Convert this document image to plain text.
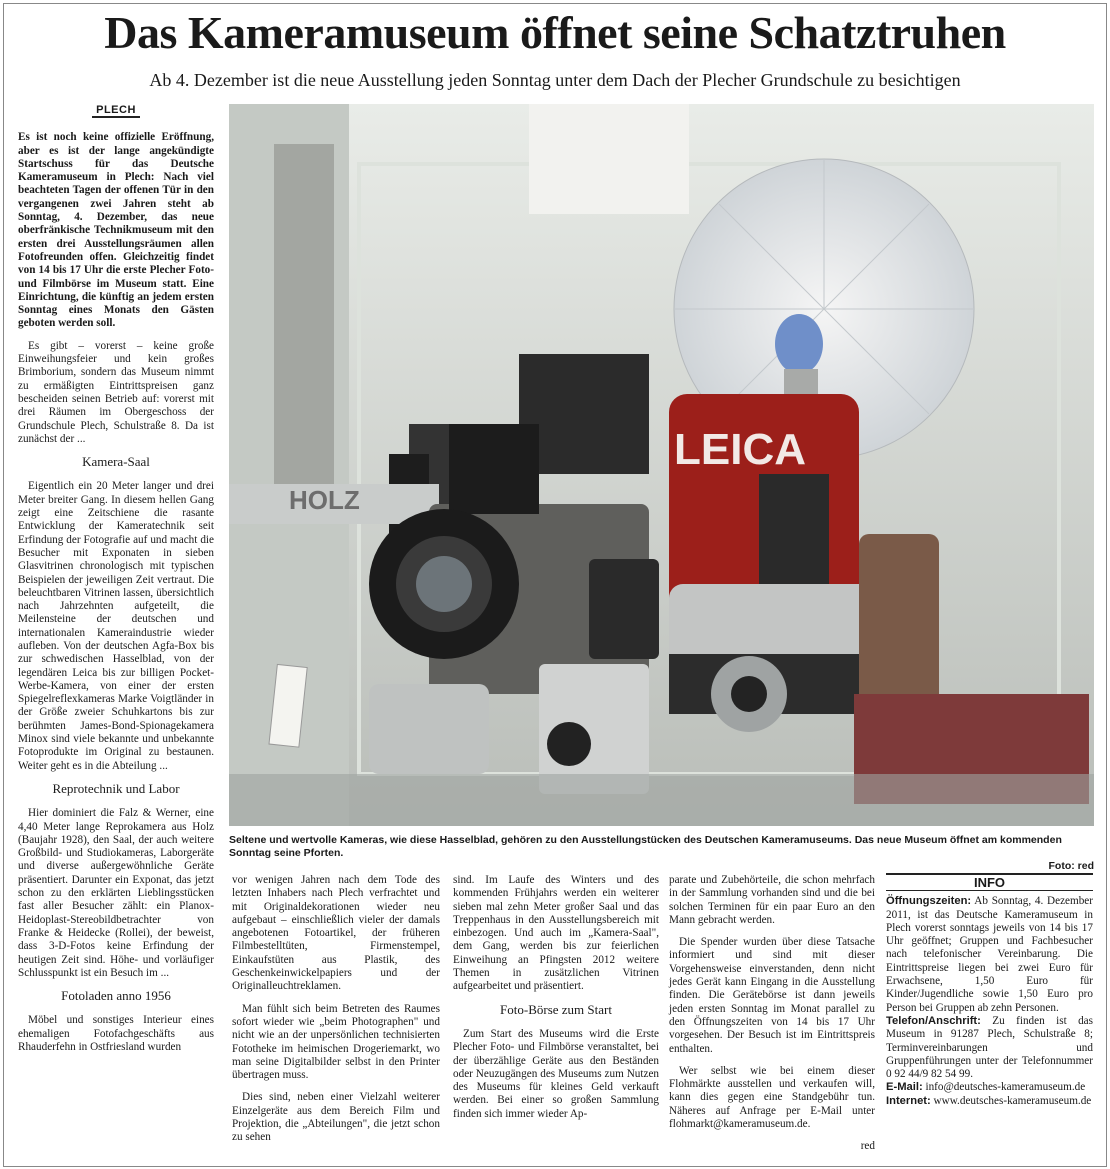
Das Kameramuseum öffnet seine Schatztruhen
Ab 4. Dezember ist die neue Ausstellung jeden Sonntag unter dem Dach der Plecher Grundschule zu besichtigen
PLECH

Es ist noch keine offizielle Eröffnung, aber es ist der lange angekündigte Startschuss für das Deutsche Kameramuseum in Plech: Nach viel beachteten Tagen der offenen Tür in den vergangenen zwei Jahren steht ab Sonntag, 4. Dezember, das neue oberfränkische Technikmuseum mit den ersten drei Ausstellungsräumen allen Fotofreunden offen. Gleichzeitig findet von 14 bis 17 Uhr die erste Plecher Foto- und Filmbörse im Museum statt. Eine Einrichtung, die künftig an jedem ersten Sonntag eines Monats den Gästen geboten werden soll.

Es gibt – vorerst – keine große Einweihungsfeier und kein großes Brimborium, sondern das Museum nimmt zu ermäßigten Eintrittspreisen ganz bescheiden seinen Betrieb auf: vorerst mit drei Räumen im Obergeschoss der Grundschule Plech, Schulstraße 8. Da ist zunächst der ...

Kamera-Saal

Eigentlich ein 20 Meter langer und drei Meter breiter Gang. In diesem hellen Gang zeigt eine Zeitschiene die rasante Entwicklung der Kameratechnik seit Erfindung der Fotografie auf und macht die Besucher mit Exponaten in sieben Glasvitrinen chronologisch mit typischen Beispielen der jeweiligen Zeit vertraut. Die beleuchtbaren Vitrinen lassen, übersichtlich nach Jahrzehnten aufgeteilt, die Meilensteine der deutschen und internationalen Kameraindustrie wieder aufleben. Von der deutschen Agfa-Box bis zur schwedischen Hasselblad, von der legendären Leica bis zur billigen Pocket-Werbe-Kamera, von einer der ersten Spiegelreflexkameras Marke Voigtländer in der Größe zweier Schuhkartons bis zur berühmten James-Bond-Spionagekamera Minox sind viele bekannte und unbekannte Fotoprodukte im Original zu bestaunen. Weiter geht es in die Abteilung ...

Reprotechnik und Labor

Hier dominiert die Falz & Werner, eine 4,40 Meter lange Reprokamera aus Holz (Baujahr 1928), den Saal, der auch weitere Großbild- und Studiokameras, Laborgeräte und diverse außergewöhnliche Geräte präsentiert. Darunter ein Exponat, das jetzt schon zu den erklärten Lieblingsstücken fast aller Besucher zählt: ein Planox-Heidoplast-Stereobildbetrachter von Franke & Heidecke (Rollei), der beweist, dass 3-D-Fotos keine Erfindung der heutigen Zeit sind. Höhe- und vorläufiger Schlusspunkt ist ein Besuch im ...

Fotoladen anno 1956

Möbel und sonstiges Interieur eines ehemaligen Fotofachgeschäfts aus Rhauderfehn in Ostfriesland wurden

LEICA
HOLZ
Seltene und wertvolle Kameras, wie diese Hasselblad, gehören zu den Ausstellungstücken des Deutschen Kameramuseums. Das neue Museum öffnet am kommenden Sonntag seine Pforten.
Foto: red

vor wenigen Jahren nach dem Tode des letzten Inhabers nach Plech verfrachtet und mit Originaldekorationen wieder neu aufgebaut – einschließlich vieler der damals angebotenen Fotoartikel, der früheren Filmbestelltüten, Firmenstempel, Einkaufstüten aus Plastik, des Geschenkeinwickelpapiers und der Originalleuchtreklamen.

Man fühlt sich beim Betreten des Raumes sofort wieder wie „beim Photographen" und nicht wie an der unpersönlichen technisierten Fototheke im heimischen Drogeriemarkt, wo man seine Digitalbilder selbst in den Printer übertragen muss.

Dies sind, neben einer Vielzahl weiterer Einzelgeräte aus dem Bereich Film und Projektion, die „Abteilungen", die jetzt schon zu sehen

sind. Im Laufe des Winters und des kommenden Frühjahrs werden ein weiterer sieben mal zehn Meter großer Saal und das Treppenhaus in den Ausstellungsbereich mit einbezogen. Und auch im „Kamera-Saal", dem Gang, werden bis zur feierlichen Einweihung an Pfingsten 2012 weitere Themen in zusätzlichen Vitrinen aufgearbeitet und präsentiert.

Foto-Börse zum Start

Zum Start des Museums wird die Erste Plecher Foto- und Filmbörse veranstaltet, bei der überzählige Geräte aus den Beständen oder Neuzugängen des Museums zum Nutzen des Museums für kleines Geld verkauft werden. Bei einer so großen Sammlung finden sich immer wieder Ap-

parate und Zubehörteile, die schon mehrfach in der Sammlung vorhanden sind und die bei solchen Terminen für ein paar Euro an den Mann gebracht werden.

Die Spender wurden über diese Tatsache informiert und sind mit dieser Vorgehensweise einverstanden, denn nicht jedes Gerät kann Eingang in die Ausstellung finden. Die Gerätebörse ist dann jeweils jeden ersten Sonntag im Monat parallel zu den Öffnungszeiten von 14 bis 17 Uhr vorgesehen. Der Besuch ist im Eintrittspreis enthalten.

Wer selbst wie bei einem dieser Flohmärkte ausstellen und verkaufen will, kann dies gegen eine Standgebühr tun. Näheres auf Anfrage per E-Mail unter flohmarkt@kameramuseum.de.

red
INFO

Öffnungszeiten: Ab Sonntag, 4. Dezember 2011, ist das Deutsche Kameramuseum in Plech vorerst sonntags jeweils von 14 bis 17 Uhr geöffnet; Gruppen und Fachbesucher nach telefonischer Vereinbarung. Die Eintrittspreise liegen bei zwei Euro für Erwachsene, 1,50 Euro für Kinder/Jugendliche sowie 1,50 Euro pro Person bei Gruppen ab zehn Personen.

Telefon/Anschrift: Zu finden ist das Museum in 91287 Plech, Schulstraße 8; Terminvereinbarungen und Gruppenführungen unter der Telefonnummer 0 92 44/9 82 54 99.

E-Mail: info@deutsches-kameramuseum.de

Internet: www.deutsches-kameramuseum.de
